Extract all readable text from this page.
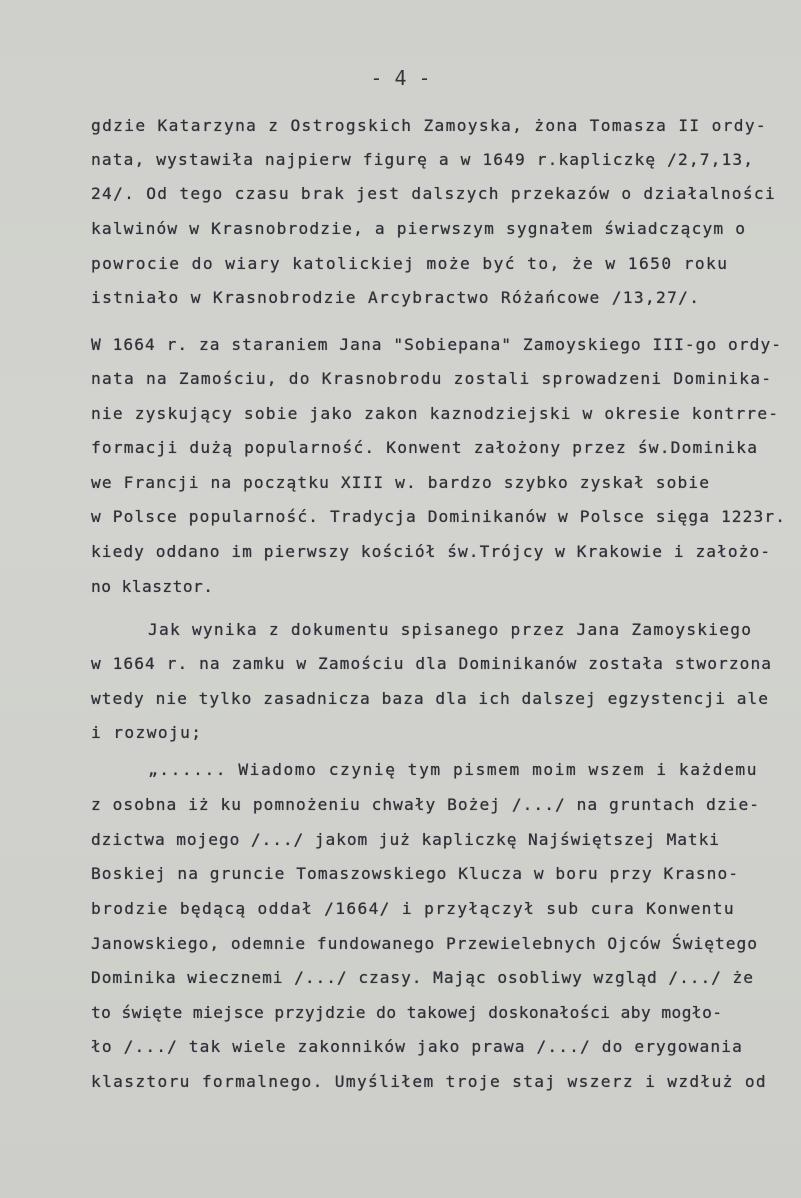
- 4 -
gdzie Katarzyna z Ostrogskich Zamoyska, żona Tomasza II ordy-
nata, wystawiła najpierw figurę a w 1649 r.kapliczkę /2,7,13,
24/. Od tego czasu brak jest dalszych przekazów o działalności
kalwinów w Krasnobrodzie, a pierwszym sygnałem świadczącym o
powrocie do wiary katolickiej może być to, że w 1650 roku
istniało w Krasnobrodzie Arcybractwo Różańcowe /13,27/.
W 1664 r. za staraniem Jana "Sobiepana" Zamoyskiego III-go ordy-
nata na Zamościu, do Krasnobrodu zostali sprowadzeni Dominika-
nie zyskujący sobie jako zakon kaznodziejski w okresie kontrre-
formacji dużą popularność. Konwent założony przez św.Dominika
we Francji na początku XIII w. bardzo szybko zyskał sobie
w Polsce popularność. Tradycja Dominikanów w Polsce sięga 1223r.
kiedy oddano im pierwszy kościół św.Trójcy w Krakowie i założo-
no klasztor.
Jak wynika z dokumentu spisanego przez Jana Zamoyskiego
w 1664 r. na zamku w Zamościu dla Dominikanów została stworzona
wtedy nie tylko zasadnicza baza dla ich dalszej egzystencji ale
i rozwoju;
„...... Wiadomo czynię tym pismem moim wszem i każdemu
z osobna iż ku pomnożeniu chwały Bożej /.../ na gruntach dzie-
dzictwa mojego /.../ jakom już kapliczkę Najświętszej Matki
Boskiej na gruncie Tomaszowskiego Klucza w boru przy Krasno-
brodzie będącą oddał /1664/ i przyłączył sub cura Konwentu
Janowskiego, odemnie fundowanego Przewielebnych Ojców Świętego
Dominika wiecznemi /.../ czasy. Mając osobliwy wzgląd /.../ że
to święte miejsce przyjdzie do takowej doskonałości aby mogło-
ło /.../ tak wiele zakonników jako prawa /.../ do erygowania
klasztoru formalnego. Umyśliłem troje staj wszerz i wzdłuż od
